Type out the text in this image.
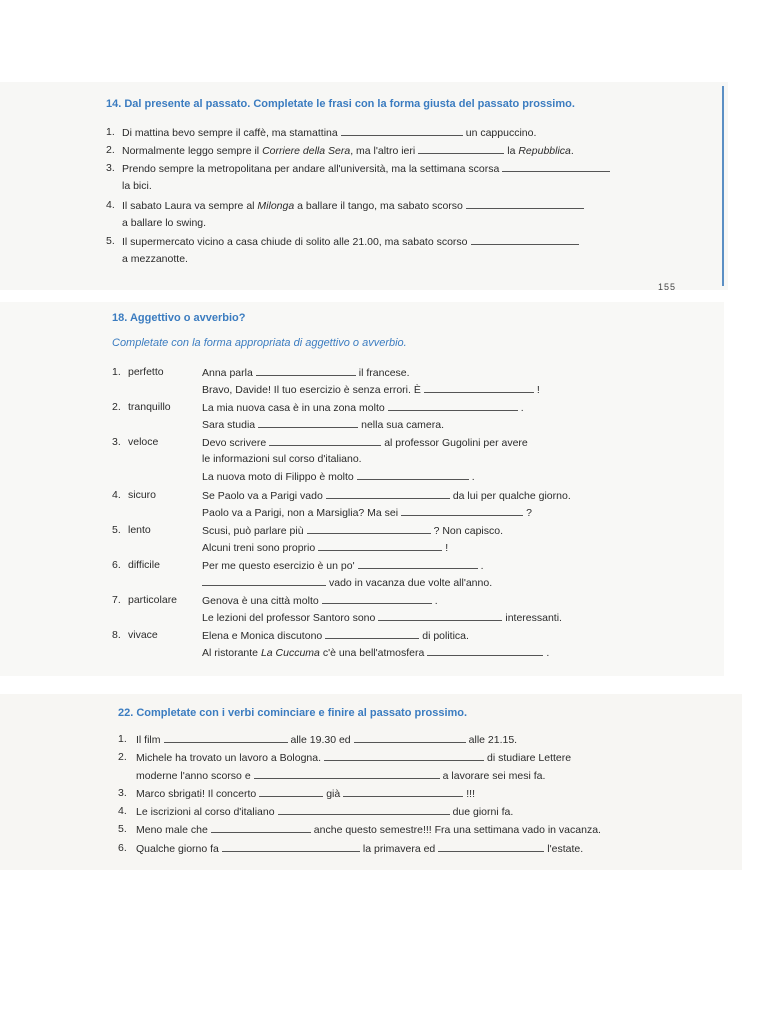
155
14. Dal presente al passato. Completate le frasi con la forma giusta del passato prossimo.
1. Di mattina bevo sempre il caffè, ma stamattina	un cappuccino.
2. Normalmente leggo sempre il Corriere della Sera, ma l'altro ieri	la Repubblica.
3. Prendo sempre la metropolitana per andare all'università, ma la settimana scorsa
la bici.
4. Il sabato Laura va sempre al Milonga a ballare il tango, ma sabato scorso
a ballare lo swing.
5. Il supermercato vicino a casa chiude di solito alle 21.00, ma sabato scorso
a mezzanotte.
18. Aggettivo o avverbio?
Completate con la forma appropriata di aggettivo o avverbio.
1. perfetto	Anna parla	il francese.
Bravo, Davide! Il tuo esercizio è senza errori. È	!
2. tranquillo	La mia nuova casa è in una zona molto	.
Sara studia	nella sua camera.
3. veloce	Devo scrivere	al professor Gugolini per avere
le informazioni sul corso d'italiano.
La nuova moto di Filippo è molto	.
4. sicuro	Se Paolo va a Parigi vado	da lui per qualche giorno.
Paolo va a Parigi, non a Marsiglia? Ma sei	?
5. lento	Scusi, può parlare più	? Non capisco.
Alcuni treni sono proprio	!
6. difficile	Per me questo esercizio è un po'	.
vado in vacanza due volte all'anno.
7. particolare Genova è una città molto	.
Le lezioni del professor Santoro sono	interessanti.
8. vivace	Elena e Monica discutono	di politica.
Al ristorante La Cuccuma c'è una bell'atmosfera	.
22. Completate con i verbi cominciare e finire al passato prossimo.
1. Il film	alle 19.30 ed	alle 21.15.
2. Michele ha trovato un lavoro a Bologna.	di studiare Lettere
moderne l'anno scorso e	a lavorare sei mesi fa.
3. Marco sbrigati! Il concerto	già	!!!
4. Le iscrizioni al corso d'italiano	due giorni fa.
5. Meno male che	anche questo semestre!!! Fra una settimana vado in vacanza.
6. Qualche giorno fa	la primavera ed	l'estate.
